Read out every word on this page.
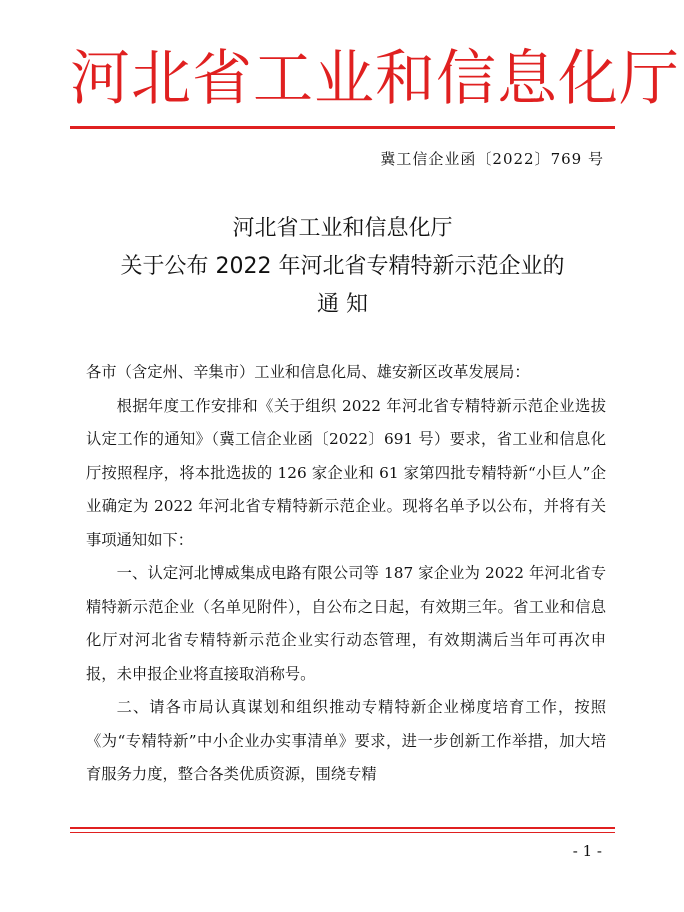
河北省工业和信息化厅
冀工信企业函〔2022〕769 号
河北省工业和信息化厅
关于公布 2022 年河北省专精特新示范企业的
通 知

各市（含定州、辛集市）工业和信息化局、雄安新区改革发展局：

根据年度工作安排和《关于组织 2022 年河北省专精特新示范企业选拔认定工作的通知》（冀工信企业函〔2022〕691 号）要求，省工业和信息化厅按照程序，将本批选拔的 126 家企业和 61 家第四批专精特新“小巨人”企业确定为 2022 年河北省专精特新示范企业。现将名单予以公布，并将有关事项通知如下：

一、认定河北博威集成电路有限公司等 187 家企业为 2022 年河北省专精特新示范企业（名单见附件），自公布之日起，有效期三年。省工业和信息化厅对河北省专精特新示范企业实行动态管理，有效期满后当年可再次申报，未申报企业将直接取消称号。

二、请各市局认真谋划和组织推动专精特新企业梯度培育工作，按照《为“专精特新”中小企业办实事清单》要求，进一步创新工作举措，加大培育服务力度，整合各类优质资源，围绕专精

- 1 -
